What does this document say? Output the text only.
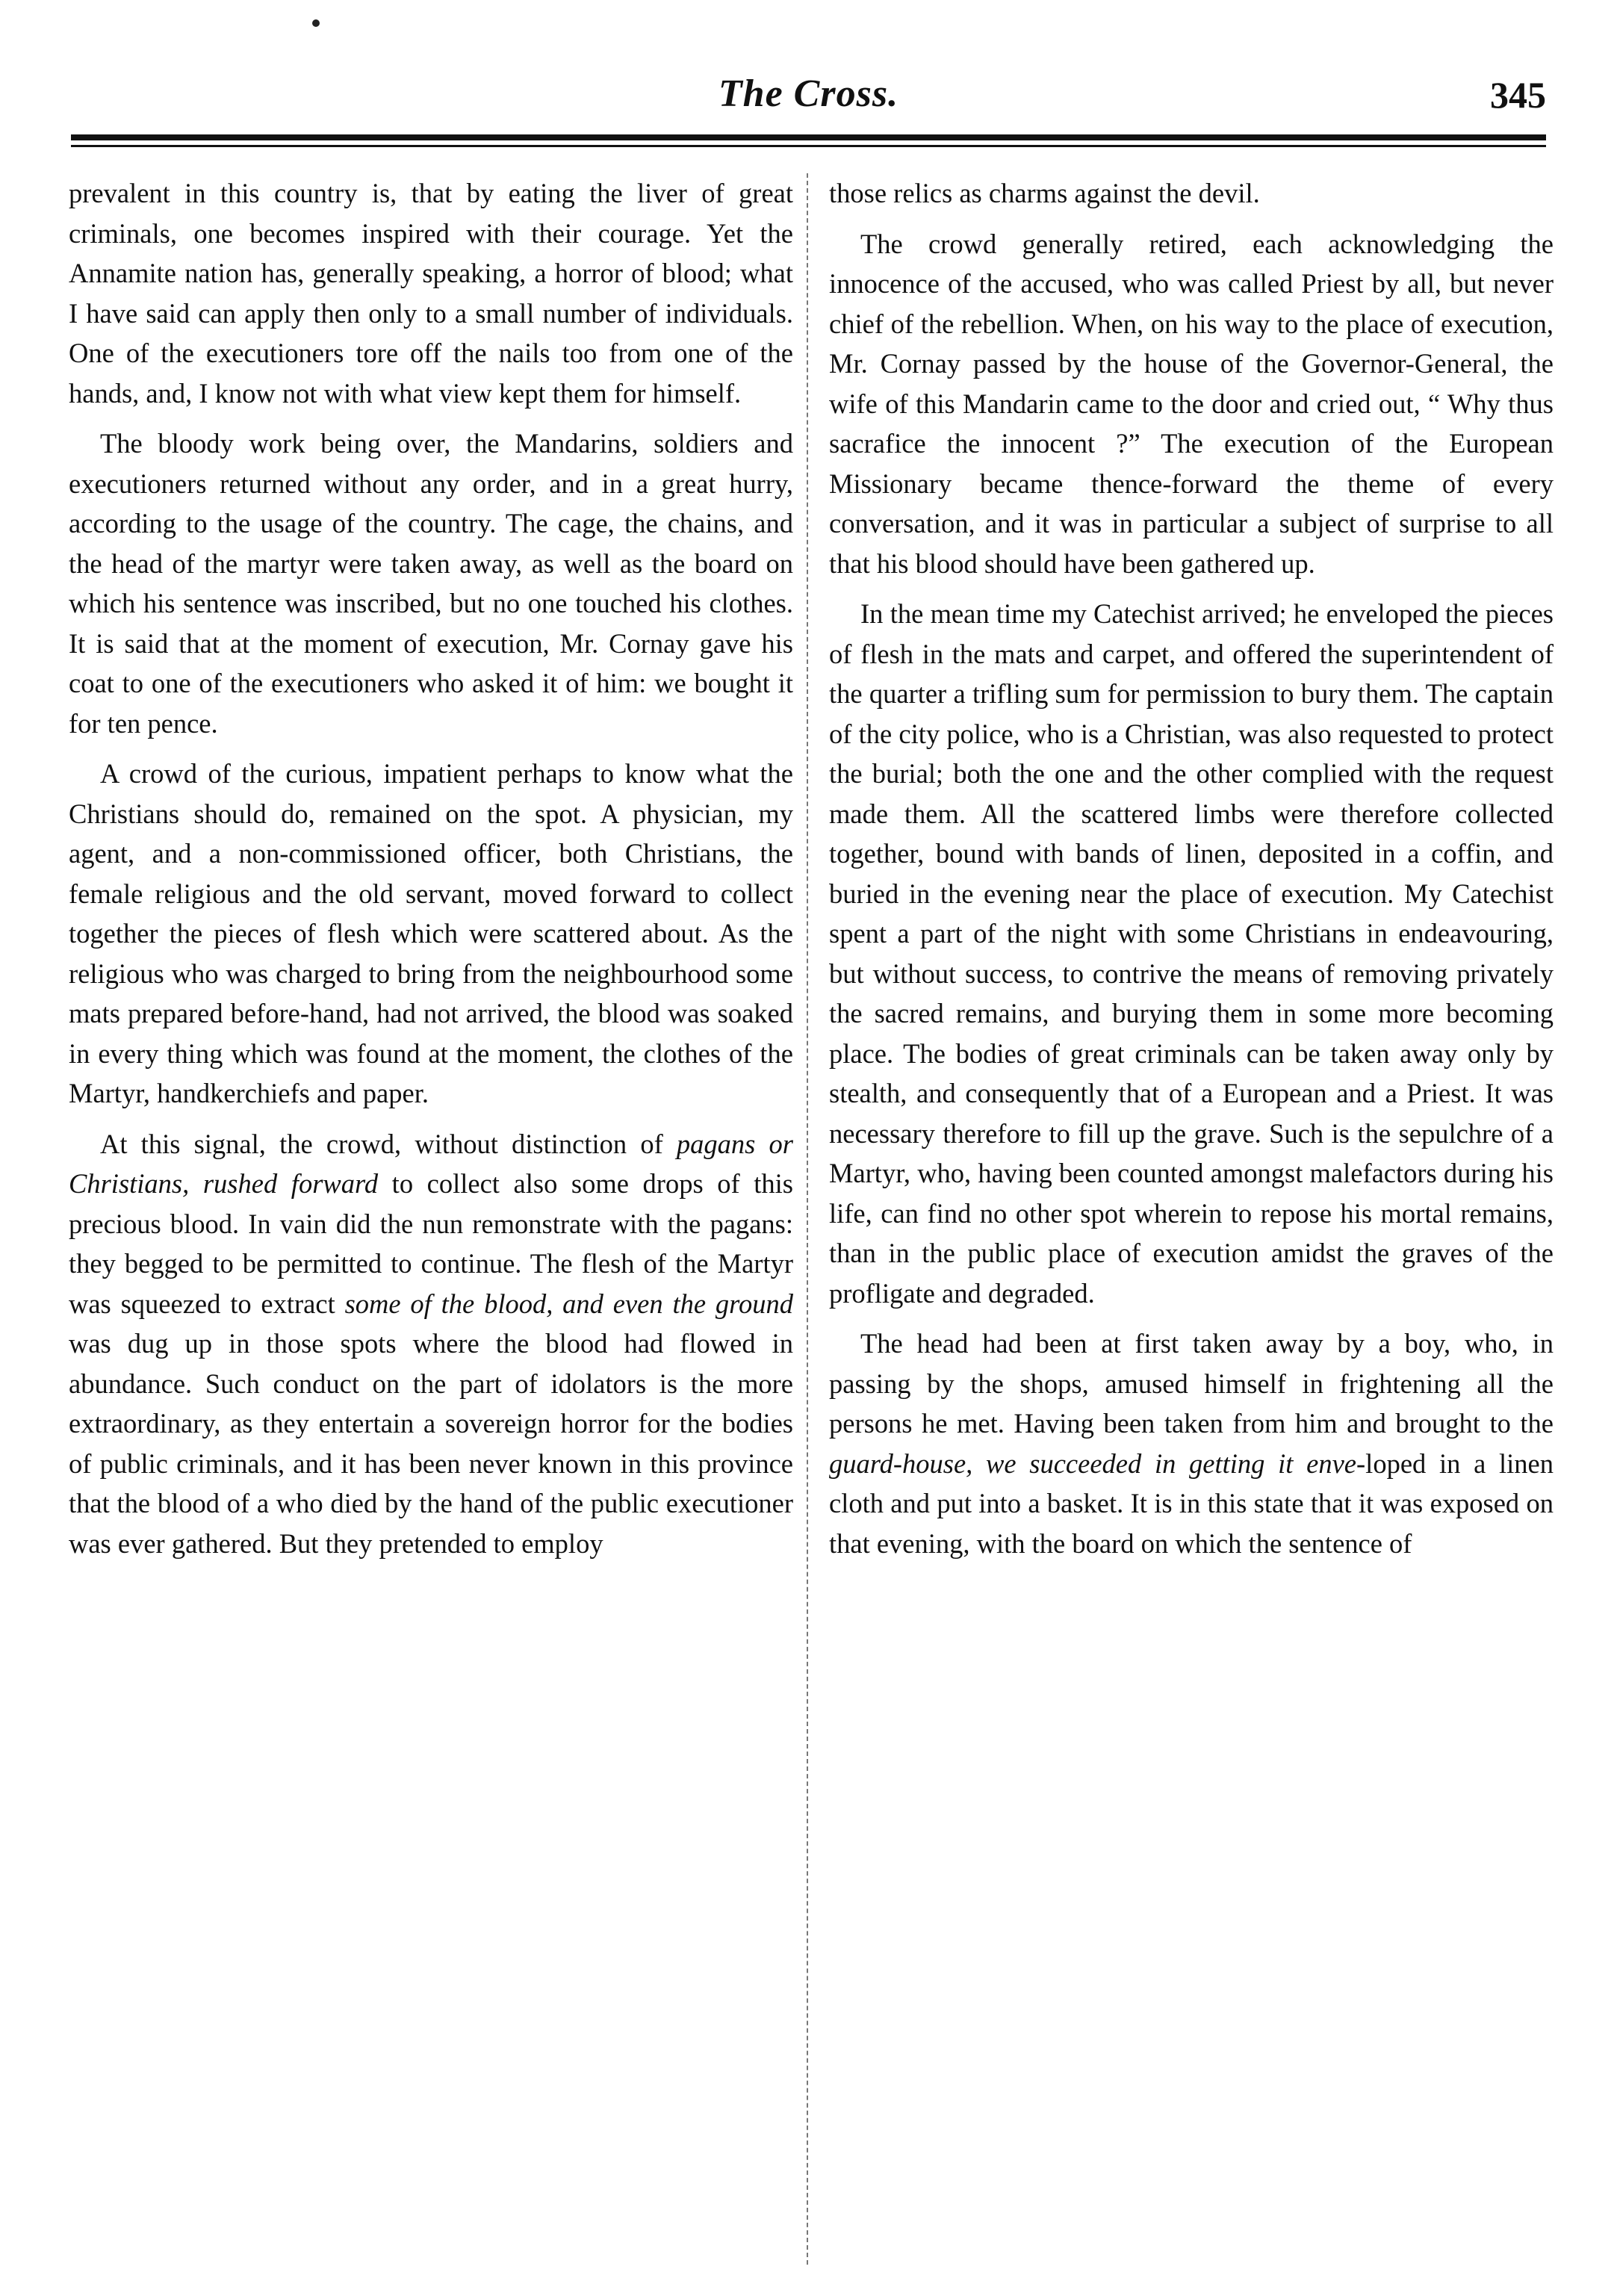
The Cross.	345

prevalent in this country is, that by eating the liver of great criminals, one becomes inspired with their courage. Yet the Annamite nation has, generally speaking, a horror of blood; what I have said can apply then only to a small number of individuals. One of the executioners tore off the nails too from one of the hands, and, I know not with what view kept them for himself.

The bloody work being over, the Mandarins, soldiers and executioners returned without any order, and in a great hurry, according to the usage of the country. The cage, the chains, and the head of the martyr were taken away, as well as the board on which his sentence was inscribed, but no one touched his clothes. It is said that at the moment of execution, Mr. Cornay gave his coat to one of the executioners who asked it of him: we bought it for ten pence.

A crowd of the curious, impatient perhaps to know what the Christians should do, remained on the spot. A physician, my agent, and a non-commissioned officer, both Christians, the female religious and the old servant, moved forward to collect together the pieces of flesh which were scattered about. As the religious who was charged to bring from the neighbourhood some mats prepared before-hand, had not arrived, the blood was soaked in every thing which was found at the moment, the clothes of the Martyr, handkerchiefs and paper.

At this signal, the crowd, without distinction of pagans or Christians, rushed forward to collect also some drops of this precious blood. In vain did the nun remonstrate with the pagans: they begged to be permitted to continue. The flesh of the Martyr was squeezed to extract some of the blood, and even the ground was dug up in those spots where the blood had flowed in abundance. Such conduct on the part of idolators is the more extraordinary, as they entertain a sovereign horror for the bodies of public criminals, and it has been never known in this province that the blood of a who died by the hand of the public executioner was ever gathered. But they pretended to employ

those relics as charms against the devil.

The crowd generally retired, each acknowledging the innocence of the accused, who was called Priest by all, but never chief of the rebellion. When, on his way to the place of execution, Mr. Cornay passed by the house of the Governor-General, the wife of this Mandarin came to the door and cried out, “ Why thus sacrafice the innocent ?” The execution of the European Missionary became thence-forward the theme of every conversation, and it was in particular a subject of surprise to all that his blood should have been gathered up.

In the mean time my Catechist arrived; he enveloped the pieces of flesh in the mats and carpet, and offered the superintendent of the quarter a trifling sum for permission to bury them. The captain of the city police, who is a Christian, was also requested to protect the burial; both the one and the other complied with the request made them. All the scattered limbs were therefore collected together, bound with bands of linen, deposited in a coffin, and buried in the evening near the place of execution. My Catechist spent a part of the night with some Christians in endeavouring, but without success, to contrive the means of removing privately the sacred remains, and burying them in some more becoming place. The bodies of great criminals can be taken away only by stealth, and consequently that of a European and a Priest. It was necessary therefore to fill up the grave. Such is the sepulchre of a Martyr, who, having been counted amongst malefactors during his life, can find no other spot wherein to repose his mortal remains, than in the public place of execution amidst the graves of the profligate and degraded.

The head had been at first taken away by a boy, who, in passing by the shops, amused himself in frightening all the persons he met. Having been taken from him and brought to the guard-house, we succeeded in getting it enve-loped in a linen cloth and put into a basket. It is in this state that it was exposed on that evening, with the board on which the sentence of
